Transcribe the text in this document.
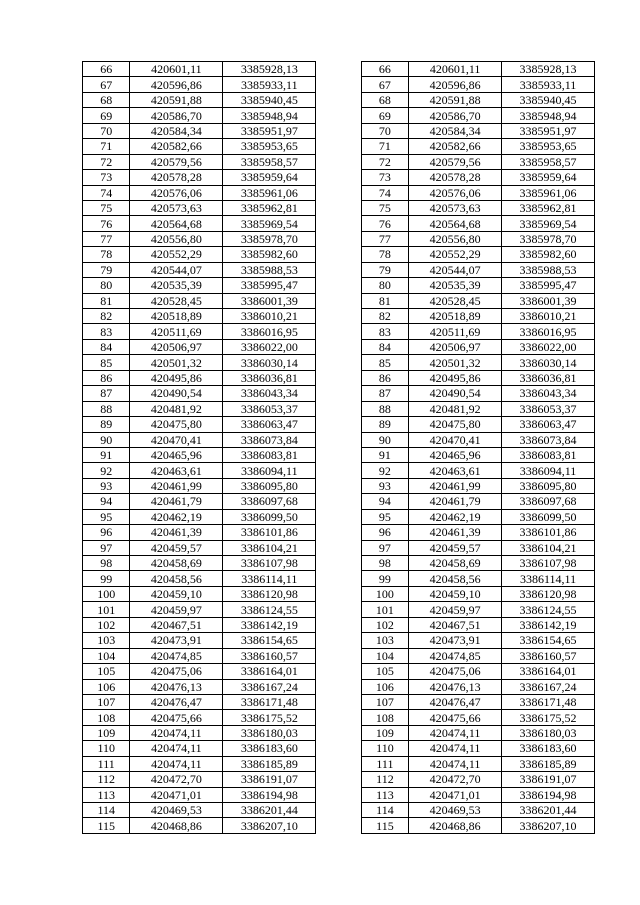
66	420601,11	3385928,13		66	420601,11	3385928,13
67	420596,86	3385933,11		67	420596,86	3385933,11
68	420591,88	3385940,45		68	420591,88	3385940,45
69	420586,70	3385948,94		69	420586,70	3385948,94
70	420584,34	3385951,97		70	420584,34	3385951,97
71	420582,66	3385953,65		71	420582,66	3385953,65
72	420579,56	3385958,57		72	420579,56	3385958,57
73	420578,28	3385959,64		73	420578,28	3385959,64
74	420576,06	3385961,06		74	420576,06	3385961,06
75	420573,63	3385962,81		75	420573,63	3385962,81
76	420564,68	3385969,54		76	420564,68	3385969,54
77	420556,80	3385978,70		77	420556,80	3385978,70
78	420552,29	3385982,60		78	420552,29	3385982,60
79	420544,07	3385988,53		79	420544,07	3385988,53
80	420535,39	3385995,47		80	420535,39	3385995,47
81	420528,45	3386001,39		81	420528,45	3386001,39
82	420518,89	3386010,21		82	420518,89	3386010,21
83	420511,69	3386016,95		83	420511,69	3386016,95
84	420506,97	3386022,00		84	420506,97	3386022,00
85	420501,32	3386030,14		85	420501,32	3386030,14
86	420495,86	3386036,81		86	420495,86	3386036,81
87	420490,54	3386043,34		87	420490,54	3386043,34
88	420481,92	3386053,37		88	420481,92	3386053,37
89	420475,80	3386063,47		89	420475,80	3386063,47
90	420470,41	3386073,84		90	420470,41	3386073,84
91	420465,96	3386083,81		91	420465,96	3386083,81
92	420463,61	3386094,11		92	420463,61	3386094,11
93	420461,99	3386095,80		93	420461,99	3386095,80
94	420461,79	3386097,68		94	420461,79	3386097,68
95	420462,19	3386099,50		95	420462,19	3386099,50
96	420461,39	3386101,86		96	420461,39	3386101,86
97	420459,57	3386104,21		97	420459,57	3386104,21
98	420458,69	3386107,98		98	420458,69	3386107,98
99	420458,56	3386114,11		99	420458,56	3386114,11
100	420459,10	3386120,98		100	420459,10	3386120,98
101	420459,97	3386124,55		101	420459,97	3386124,55
102	420467,51	3386142,19		102	420467,51	3386142,19
103	420473,91	3386154,65		103	420473,91	3386154,65
104	420474,85	3386160,57		104	420474,85	3386160,57
105	420475,06	3386164,01		105	420475,06	3386164,01
106	420476,13	3386167,24		106	420476,13	3386167,24
107	420476,47	3386171,48		107	420476,47	3386171,48
108	420475,66	3386175,52		108	420475,66	3386175,52
109	420474,11	3386180,03		109	420474,11	3386180,03
110	420474,11	3386183,60		110	420474,11	3386183,60
111	420474,11	3386185,89		111	420474,11	3386185,89
112	420472,70	3386191,07		112	420472,70	3386191,07
113	420471,01	3386194,98		113	420471,01	3386194,98
114	420469,53	3386201,44		114	420469,53	3386201,44
115	420468,86	3386207,10		115	420468,86	3386207,10
